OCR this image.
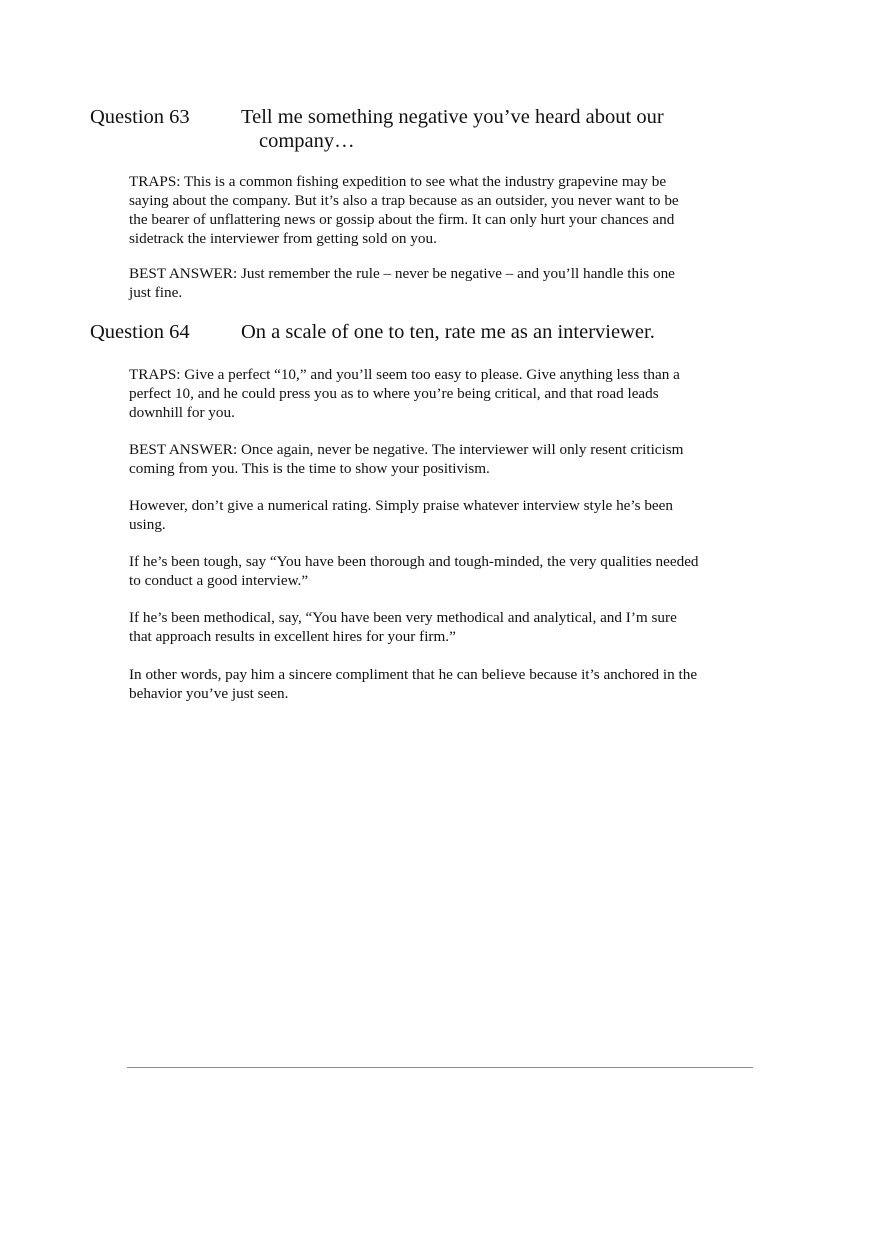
Question 63	Tell me something negative you’ve heard about our
company…

TRAPS: This is a common fishing expedition to see what the industry grapevine may be saying about the company. But it’s also a trap because as an outsider, you never want to be the bearer of unflattering news or gossip about the firm. It can only hurt your chances and sidetrack the interviewer from getting sold on you.

BEST ANSWER: Just remember the rule – never be negative – and you’ll handle this one just fine.

Question 64	On a scale of one to ten, rate me as an interviewer.

TRAPS: Give a perfect “10,” and you’ll seem too easy to please. Give anything less than a perfect 10, and he could press you as to where you’re being critical, and that road leads downhill for you.

BEST ANSWER: Once again, never be negative. The interviewer will only resent criticism coming from you. This is the time to show your positivism.

However, don’t give a numerical rating. Simply praise whatever interview style he’s been using.

If he’s been tough, say “You have been thorough and tough-minded, the very qualities needed to conduct a good interview.”

If he’s been methodical, say, “You have been very methodical and analytical, and I’m sure that approach results in excellent hires for your firm.”

In other words, pay him a sincere compliment that he can believe because it’s anchored in the behavior you’ve just seen.
